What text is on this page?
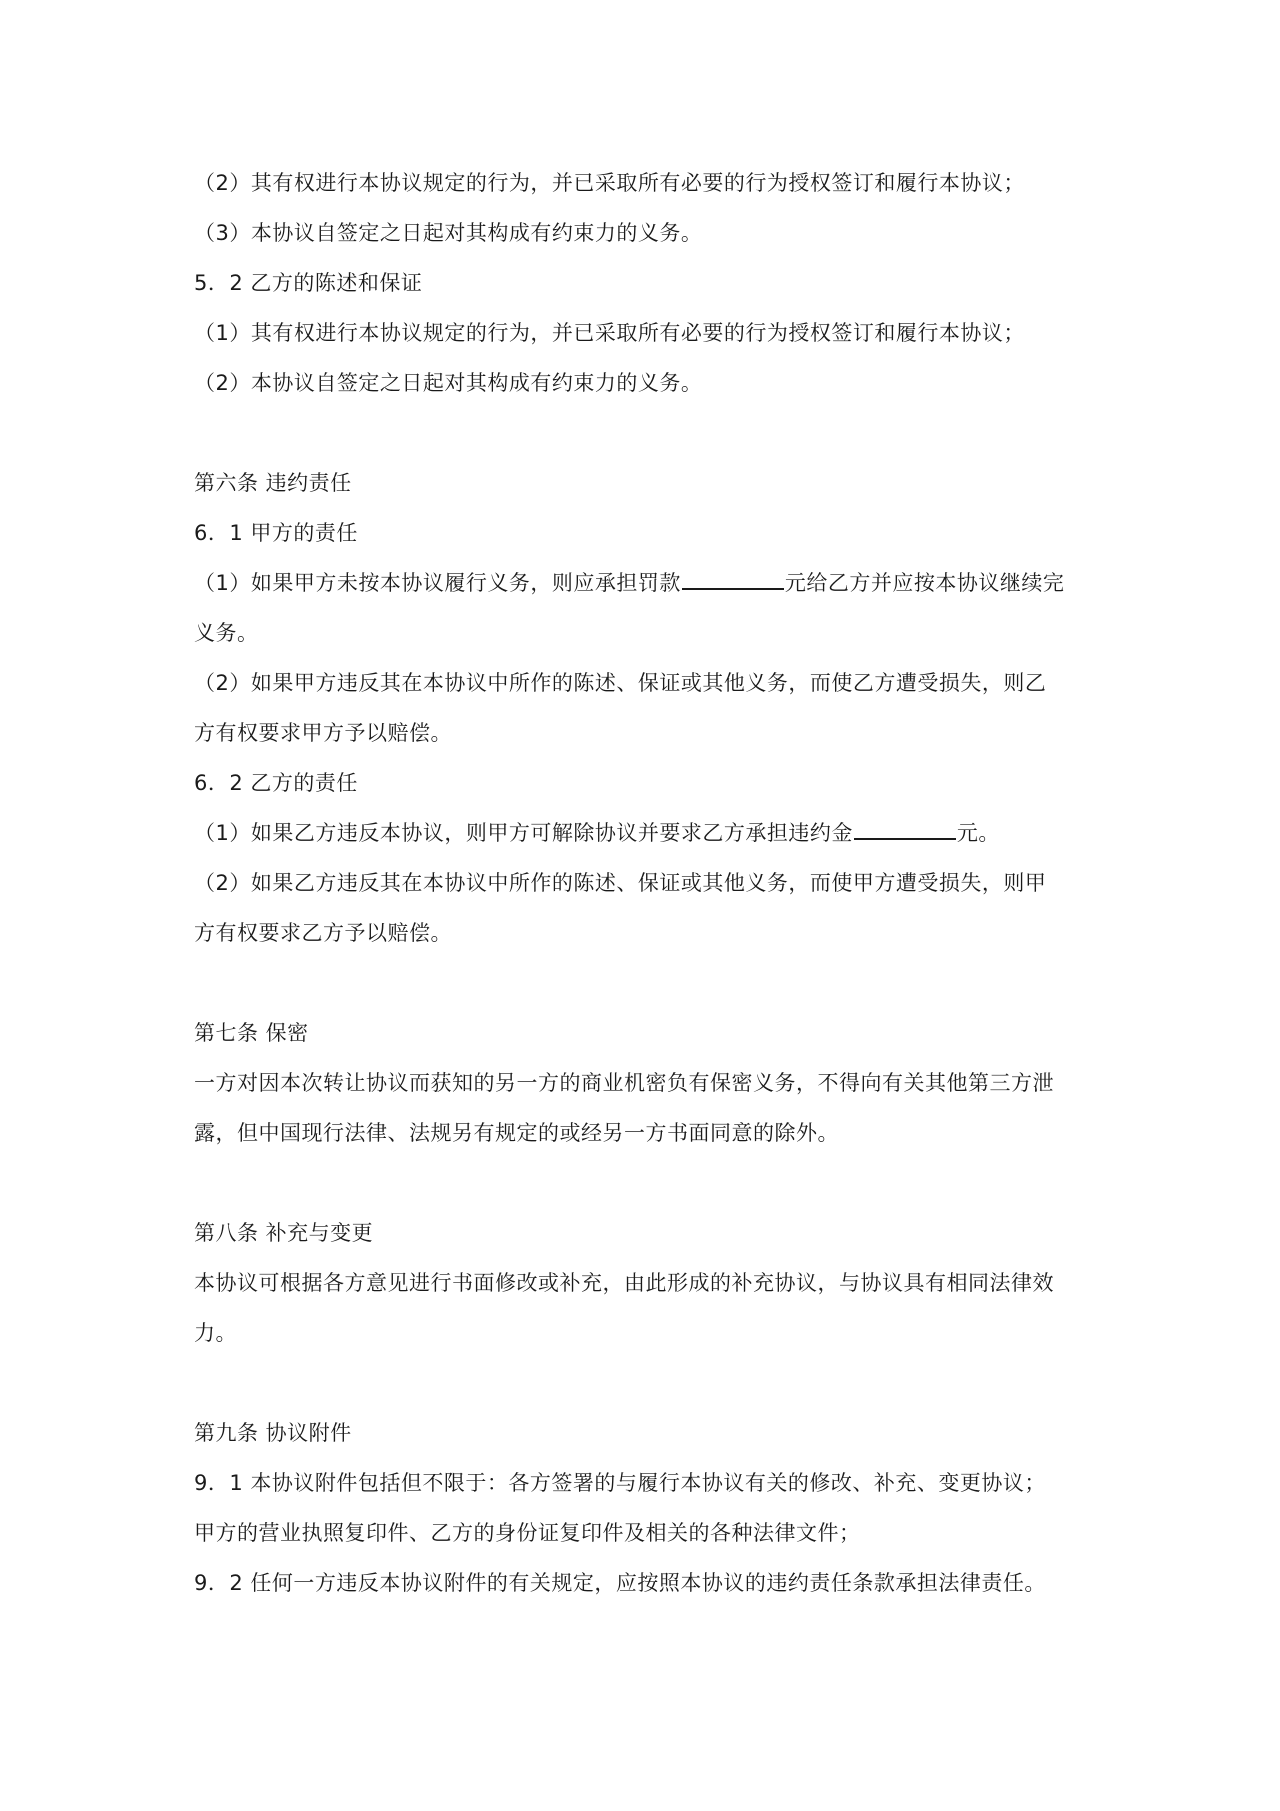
（2）其有权进行本协议规定的行为，并已采取所有必要的行为授权签订和履行本协议；
（3）本协议自签定之日起对其构成有约束力的义务。
5．2 乙方的陈述和保证
（1）其有权进行本协议规定的行为，并已采取所有必要的行为授权签订和履行本协议；
（2）本协议自签定之日起对其构成有约束力的义务。
第六条 违约责任
6．1 甲方的责任
（1）如果甲方未按本协议履行义务，则应承担罚款	元给乙方并应按本协议继续完
义务。
（2）如果甲方违反其在本协议中所作的陈述、保证或其他义务，而使乙方遭受损失，则乙
方有权要求甲方予以赔偿。
6．2 乙方的责任
（1）如果乙方违反本协议，则甲方可解除协议并要求乙方承担违约金	元。
（2）如果乙方违反其在本协议中所作的陈述、保证或其他义务，而使甲方遭受损失，则甲
方有权要求乙方予以赔偿。
第七条 保密
一方对因本次转让协议而获知的另一方的商业机密负有保密义务，不得向有关其他第三方泄
露，但中国现行法律、法规另有规定的或经另一方书面同意的除外。
第八条 补充与变更
本协议可根据各方意见进行书面修改或补充，由此形成的补充协议，与协议具有相同法律效
力。
第九条 协议附件
9．1 本协议附件包括但不限于：各方签署的与履行本协议有关的修改、补充、变更协议；
甲方的营业执照复印件、乙方的身份证复印件及相关的各种法律文件；
9．2 任何一方违反本协议附件的有关规定，应按照本协议的违约责任条款承担法律责任。
